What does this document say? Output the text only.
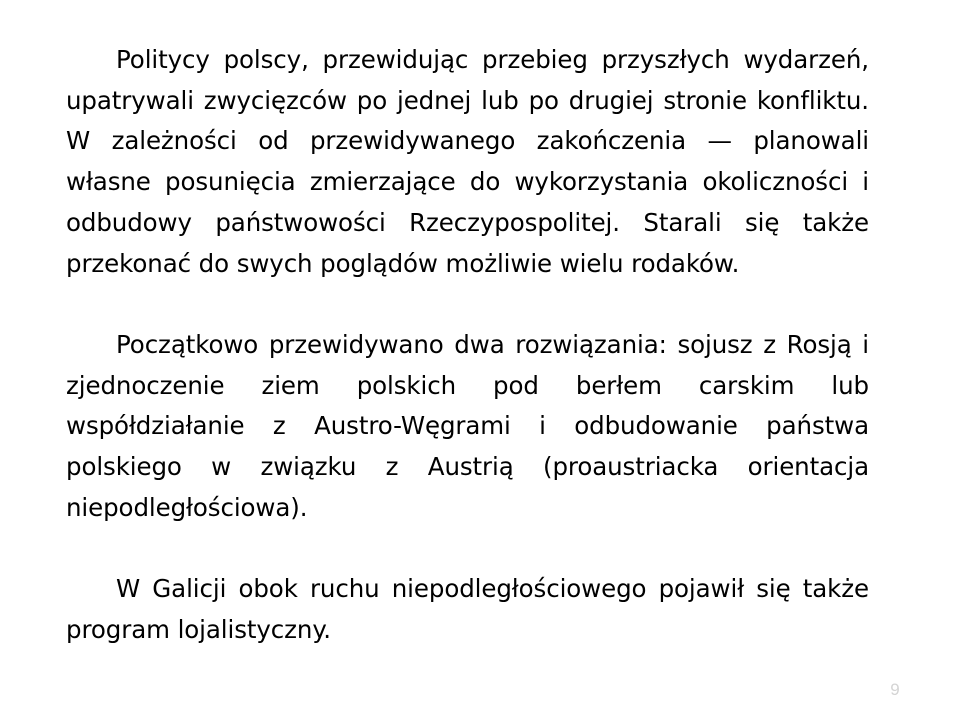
Politycy polscy, przewidując przebieg przyszłych wydarzeń, upatrywali zwycięzców po jednej lub po drugiej stronie konfliktu. W zależności od przewidywanego zakończenia — planowali własne posunięcia zmierzające do wykorzystania okoliczności i odbudowy państwowości Rzeczypospolitej. Starali się także przekonać do swych poglądów możliwie wielu rodaków.

Początkowo przewidywano dwa rozwiązania: sojusz z Rosją i zjednoczenie ziem polskich pod berłem carskim lub współdziałanie z Austro-Węgrami i odbudowanie państwa polskiego w związku z Austrią (proaustriacka orientacja niepodległościowa).

W Galicji obok ruchu niepodległościowego pojawił się także program lojalistyczny.

9
